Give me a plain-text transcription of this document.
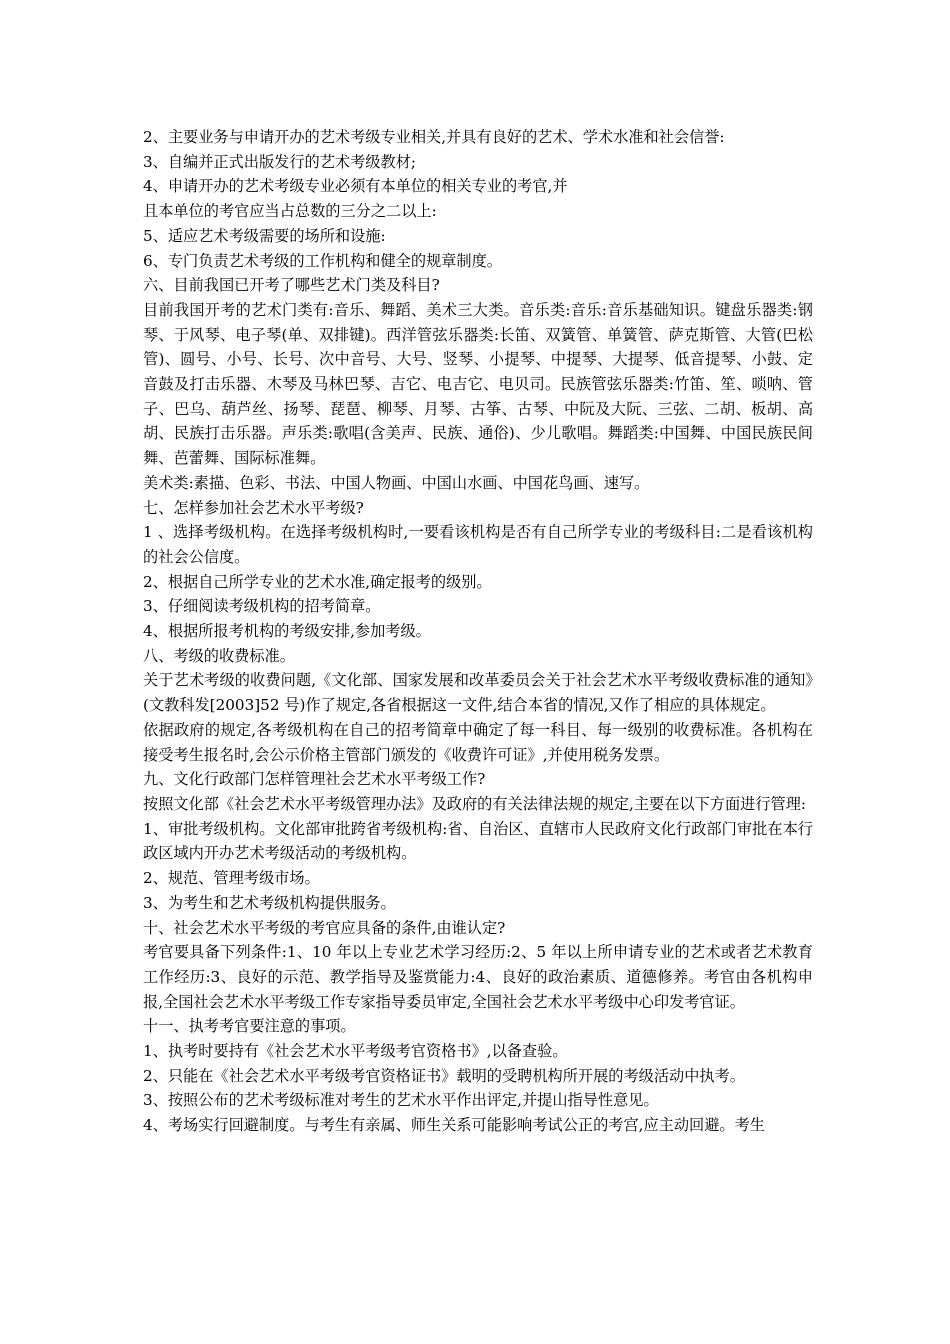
2、主要业务与申请开办的艺术考级专业相关,并具有良好的艺术、学术水准和社会信誉:

3、自编并正式出版发行的艺术考级教材;

4、申请开办的艺术考级专业必须有本单位的相关专业的考官,并

且本单位的考官应当占总数的三分之二以上:

5、适应艺术考级需要的场所和设施:

6、专门负责艺术考级的工作机构和健全的规章制度。

六、目前我国已开考了哪些艺术门类及科目?

目前我国开考的艺术门类有:音乐、舞蹈、美术三大类。音乐类:音乐:音乐基础知识。键盘乐器类:钢琴、于风琴、电子琴(单、双排键)。西洋管弦乐器类:长笛、双簧管、单簧管、萨克斯管、大管(巴松管)、圆号、小号、长号、次中音号、大号、竖琴、小提琴、中提琴、大提琴、低音提琴、小鼓、定音鼓及打击乐器、木琴及马林巴琴、吉它、电吉它、电贝司。民族管弦乐器类:竹笛、笙、唢呐、管子、巴乌、葫芦丝、扬琴、琵琶、柳琴、月琴、古筝、古琴、中阮及大阮、三弦、二胡、板胡、高胡、民族打击乐器。声乐类:歌唱(含美声、民族、通俗)、少儿歌唱。舞蹈类:中国舞、中国民族民间舞、芭蕾舞、国际标准舞。

美术类:素描、色彩、书法、中国人物画、中国山水画、中国花鸟画、速写。

七、怎样参加社会艺术水平考级?

1 、选择考级机构。在选择考级机构时,一要看该机构是否有自己所学专业的考级科目:二是看该机构的社会公信度。

2、根据自己所学专业的艺术水准,确定报考的级别。

3、仔细阅读考级机构的招考简章。

4、根据所报考机构的考级安排,参加考级。

八、考级的收费标准。

关于艺术考级的收费问题,《文化部、国家发展和改革委员会关于社会艺术水平考级收费标准的通知》(文教科发[2003]52 号)作了规定,各省根据这一文件,结合本省的情况,又作了相应的具体规定。

依据政府的规定,各考级机构在自己的招考简章中确定了每一科目、每一级别的收费标准。各机构在接受考生报名时,会公示价格主管部门颁发的《收费许可证》,并使用税务发票。

九、文化行政部门怎样管理社会艺术水平考级工作?

按照文化部《社会艺术水平考级管理办法》及政府的有关法律法规的规定,主要在以下方面进行管理:

1、审批考级机构。文化部审批跨省考级机构:省、自治区、直辖市人民政府文化行政部门审批在本行政区域内开办艺术考级活动的考级机构。

2、规范、管理考级市场。

3、为考生和艺术考级机构提供服务。

十、社会艺术水平考级的考官应具备的条件,由谁认定?

考官要具备下列条件:1、10 年以上专业艺术学习经历:2、5 年以上所申请专业的艺术或者艺术教育工作经历:3、良好的示范、教学指导及鉴赏能力:4、良好的政治素质、道德修养。考官由各机构申报,全国社会艺术水平考级工作专家指导委员审定,全国社会艺术水平考级中心印发考官证。

十一、执考考官要注意的事项。

1、执考时要持有《社会艺术水平考级考官资格书》,以备查验。

2、只能在《社会艺术水平考级考官资格证书》载明的受聘机构所开展的考级活动中执考。

3、按照公布的艺术考级标准对考生的艺术水平作出评定,并提山指导性意见。

4、考场实行回避制度。与考生有亲属、师生关系可能影响考试公正的考宫,应主动回避。考生
